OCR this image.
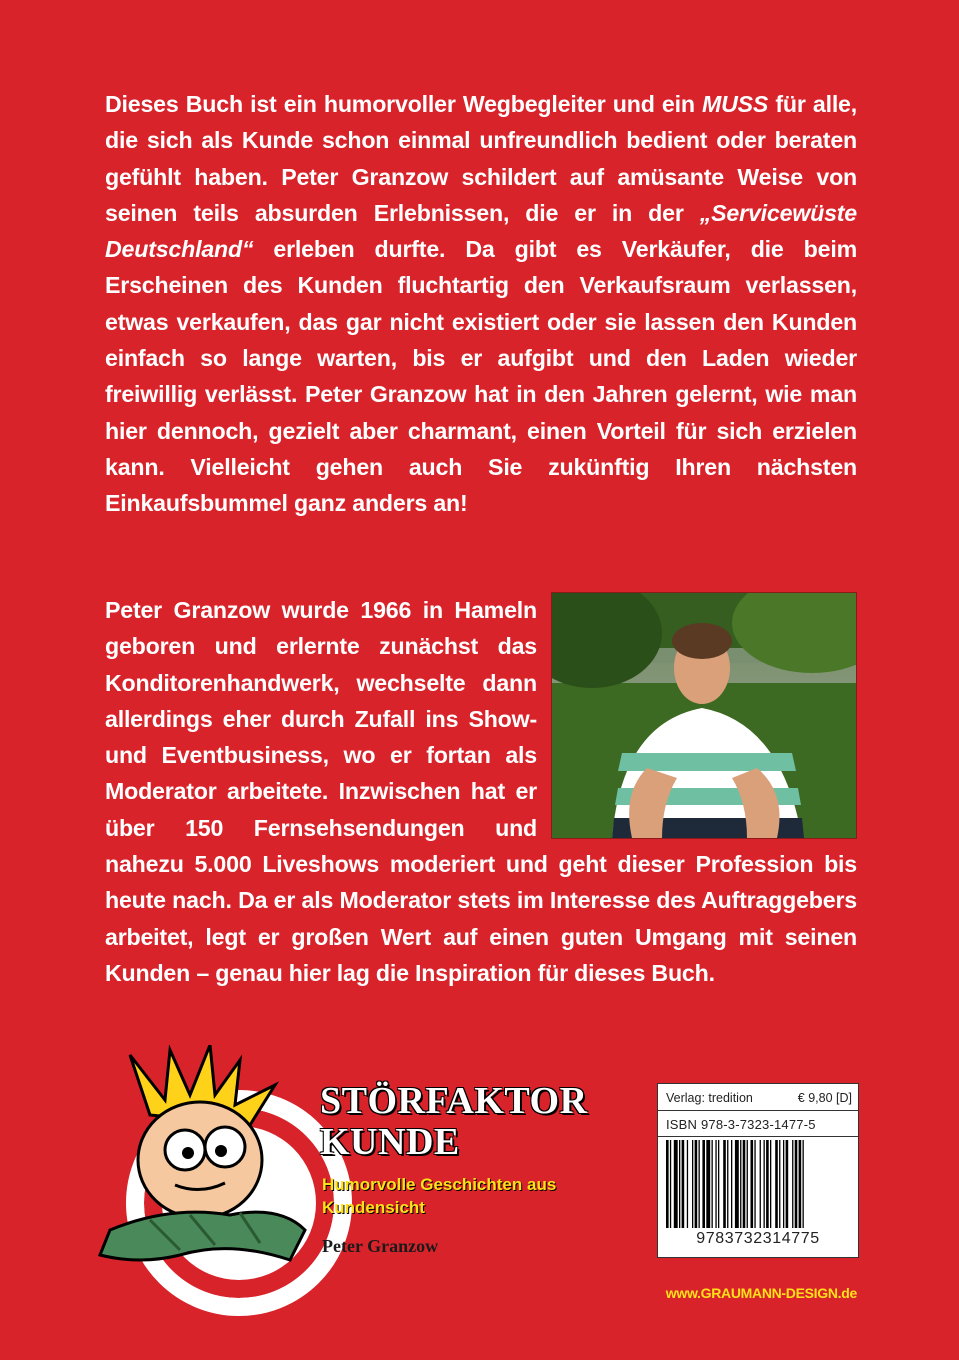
Dieses Buch ist ein humorvoller Wegbegleiter und ein MUSS für alle, die sich als Kunde schon einmal unfreundlich bedient oder beraten gefühlt haben. Peter Granzow schildert auf amüsante Weise von seinen teils absurden Erlebnissen, die er in der „Servicewüste Deutschland“ erleben durfte. Da gibt es Verkäufer, die beim Erscheinen des Kunden fluchtartig den Verkaufsraum verlassen, etwas verkaufen, das gar nicht existiert oder sie lassen den Kunden einfach so lange warten, bis er aufgibt und den Laden wieder freiwillig verlässt. Peter Granzow hat in den Jahren gelernt, wie man hier dennoch, gezielt aber charmant, einen Vorteil für sich erzielen kann. Vielleicht gehen auch Sie zukünftig Ihren nächsten Einkaufsbummel ganz anders an!
Peter Granzow wurde 1966 in Hameln geboren und erlernte zunächst das Konditorenhandwerk, wechselte dann allerdings eher durch Zufall ins Show- und Eventbusiness, wo er fortan als Moderator arbeitete. Inzwischen hat er über 150 Fernsehsendungen und nahezu 5.000 Liveshows moderiert und geht dieser Profession bis heute nach. Da er als Moderator stets im Interesse des Auftraggebers arbeitet, legt er großen Wert auf einen guten Umgang mit seinen Kunden – genau hier lag die Inspiration für dieses Buch.
STÖRFAKTOR
KUNDE
Humorvolle Geschichten aus Kundensicht
Peter Granzow
Verlag: tredition	€ 9,80 [D]
ISBN 978-3-7323-1477-5
9783732314775
www.GRAUMANN-DESIGN.de
